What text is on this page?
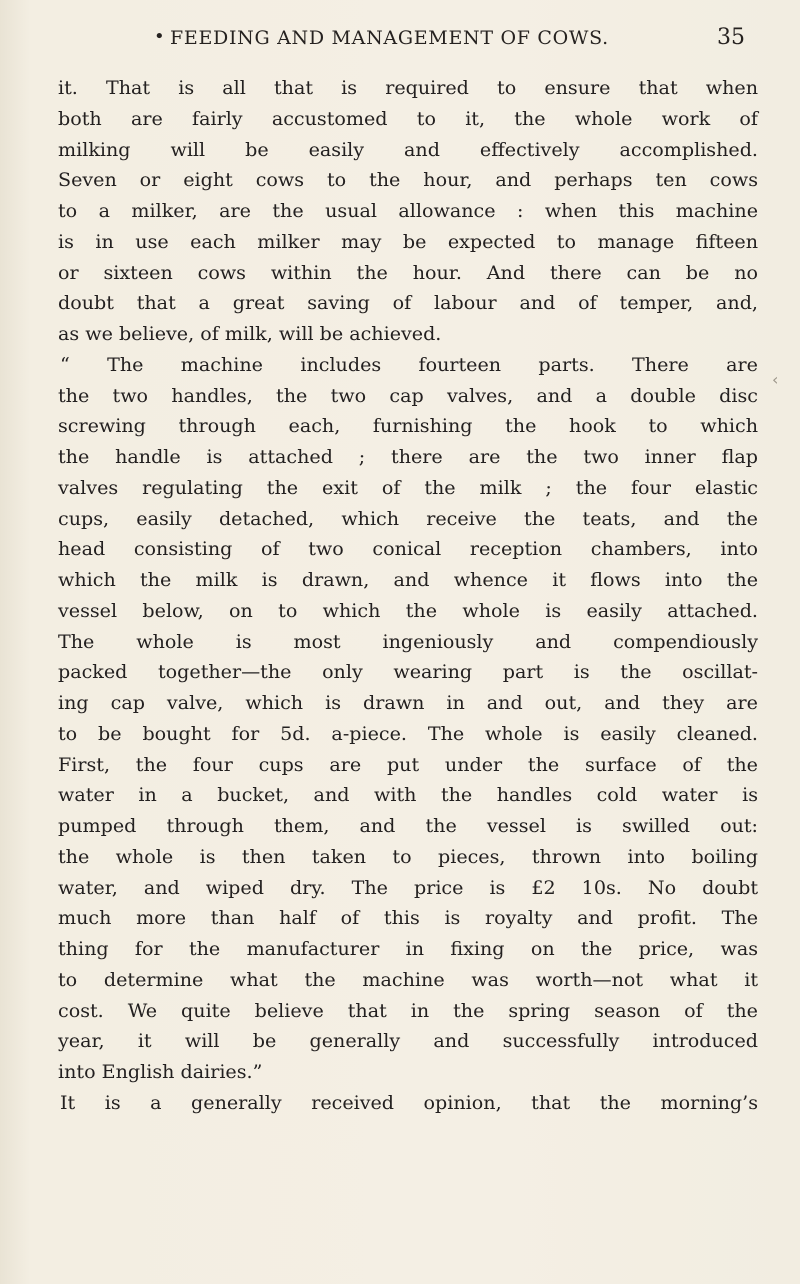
• FEEDING AND MANAGEMENT OF COWS.	35
‹
it. That is all that is required to ensure that when
both are fairly accustomed to it, the whole work of
milking will be easily and effectively accomplished.
Seven or eight cows to the hour, and perhaps ten cows
to a milker, are the usual allowance : when this machine
is in use each milker may be expected to manage fifteen
or sixteen cows within the hour. And there can be no
doubt that a great saving of labour and of temper, and,
as we believe, of milk, will be achieved.
“ The machine includes fourteen parts. There are
the two handles, the two cap valves, and a double disc
screwing through each, furnishing the hook to which
the handle is attached ; there are the two inner flap
valves regulating the exit of the milk ; the four elastic
cups, easily detached, which receive the teats, and the
head consisting of two conical reception chambers, into
which the milk is drawn, and whence it flows into the
vessel below, on to which the whole is easily attached.
The whole is most ingeniously and compendiously
packed together—the only wearing part is the oscillat-
ing cap valve, which is drawn in and out, and they are
to be bought for 5d. a-piece. The whole is easily cleaned.
First, the four cups are put under the surface of the
water in a bucket, and with the handles cold water is
pumped through them, and the vessel is swilled out:
the whole is then taken to pieces, thrown into boiling
water, and wiped dry. The price is £2 10s. No doubt
much more than half of this is royalty and profit. The
thing for the manufacturer in fixing on the price, was
to determine what the machine was worth—not what it
cost. We quite believe that in the spring season of the
year, it will be generally and successfully introduced
into English dairies.”
It is a generally received opinion, that the morning’s
